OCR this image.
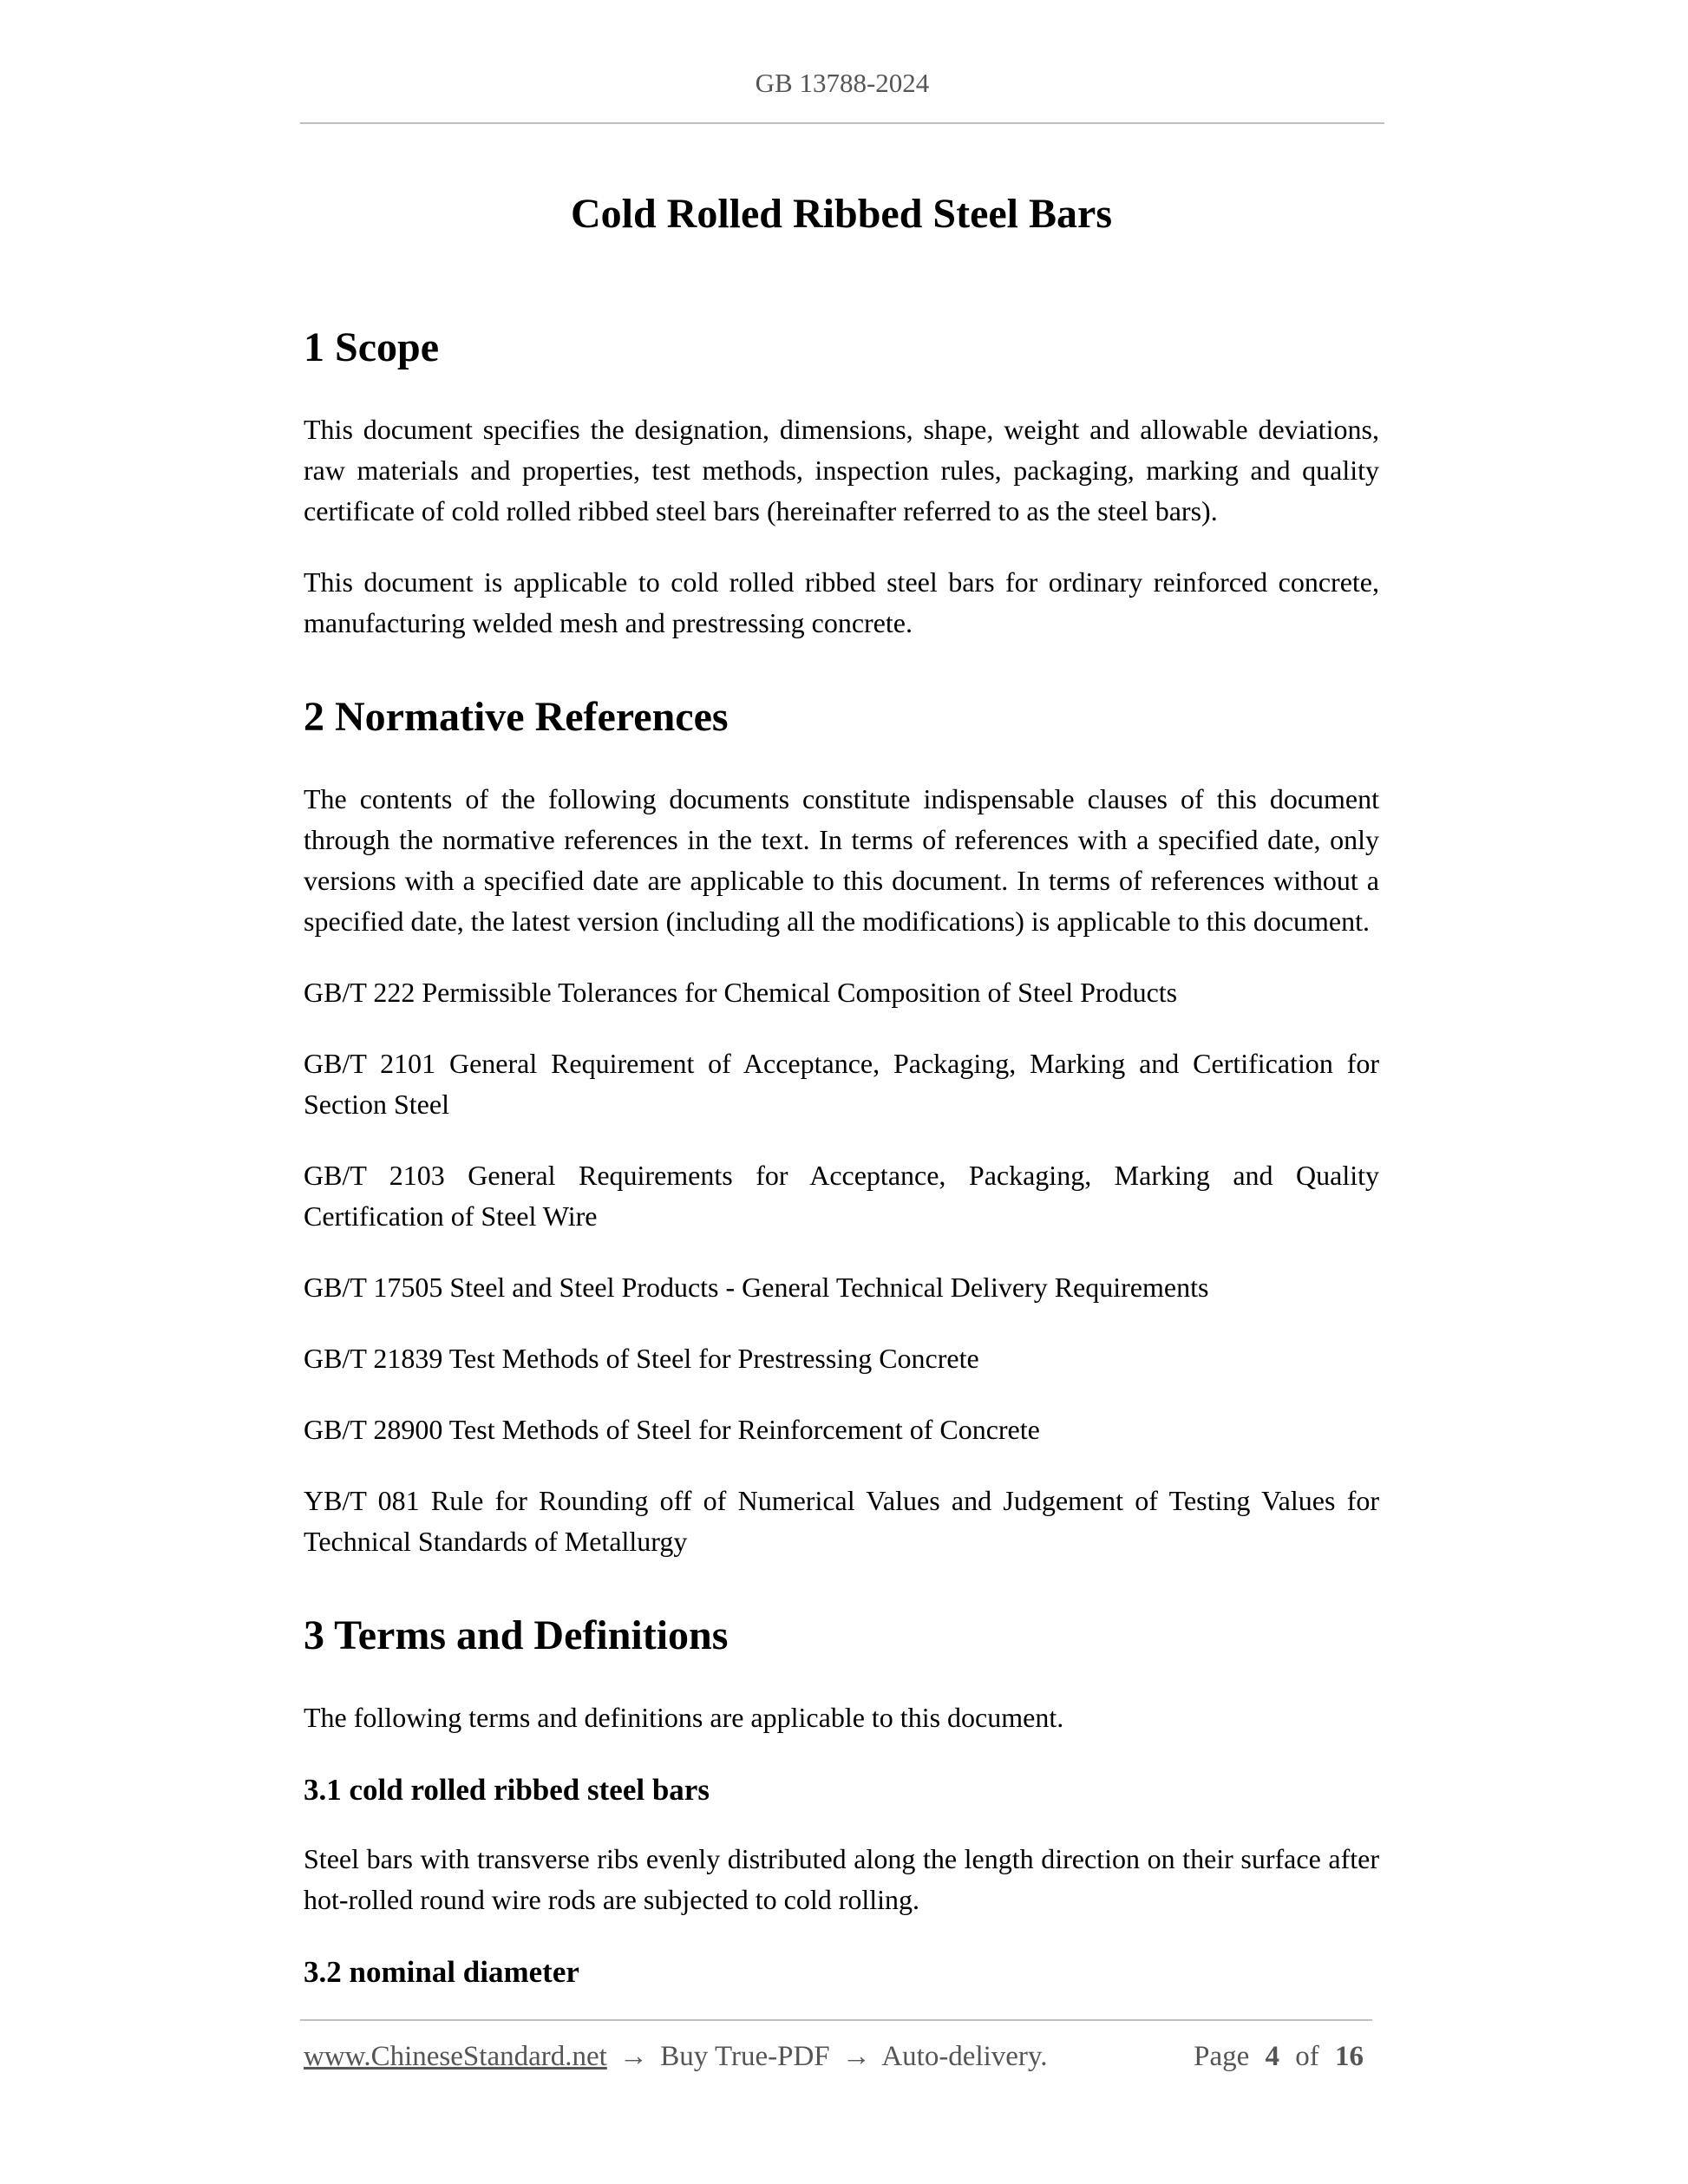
GB 13788-2024
Cold Rolled Ribbed Steel Bars
1 Scope

This document specifies the designation, dimensions, shape, weight and allowable deviations, raw materials and properties, test methods, inspection rules, packaging, marking and quality certificate of cold rolled ribbed steel bars (hereinafter referred to as the steel bars).

This document is applicable to cold rolled ribbed steel bars for ordinary reinforced concrete, manufacturing welded mesh and prestressing concrete.

2 Normative References

The contents of the following documents constitute indispensable clauses of this document through the normative references in the text. In terms of references with a specified date, only versions with a specified date are applicable to this document. In terms of references without a specified date, the latest version (including all the modifications) is applicable to this document.

GB/T 222 Permissible Tolerances for Chemical Composition of Steel Products

GB/T 2101 General Requirement of Acceptance, Packaging, Marking and Certification for Section Steel

GB/T 2103 General Requirements for Acceptance, Packaging, Marking and Quality Certification of Steel Wire

GB/T 17505 Steel and Steel Products - General Technical Delivery Requirements

GB/T 21839 Test Methods of Steel for Prestressing Concrete

GB/T 28900 Test Methods of Steel for Reinforcement of Concrete

YB/T 081 Rule for Rounding off of Numerical Values and Judgement of Testing Values for Technical Standards of Metallurgy

3 Terms and Definitions

The following terms and definitions are applicable to this document.

3.1 cold rolled ribbed steel bars

Steel bars with transverse ribs evenly distributed along the length direction on their surface after hot-rolled round wire rods are subjected to cold rolling.

3.2 nominal diameter
www.ChineseStandard.net → Buy True-PDF → Auto-delivery.	Page 4 of 16
